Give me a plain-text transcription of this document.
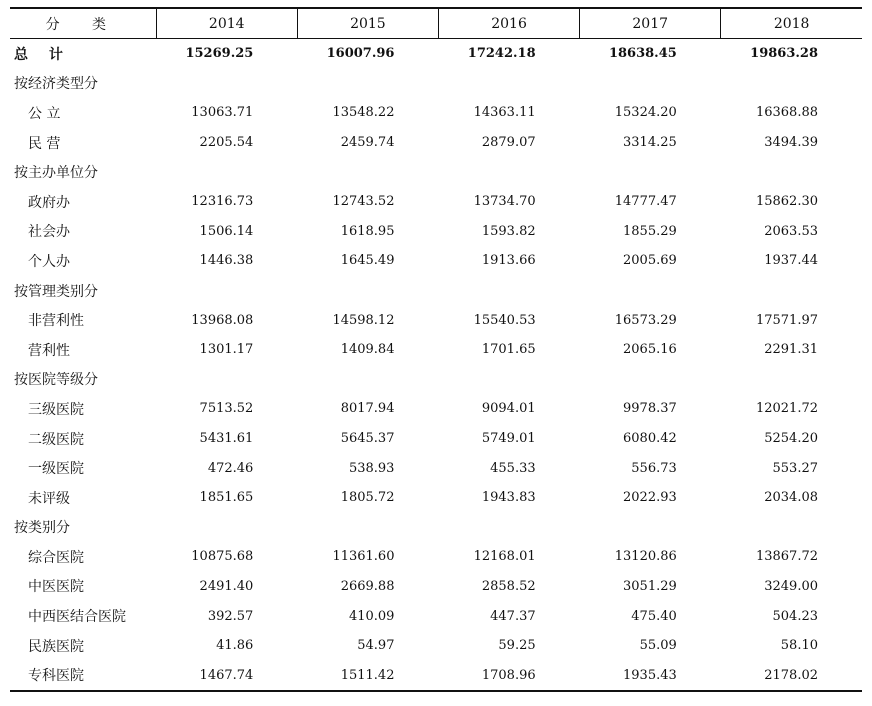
分 类	2014	2015	2016	2017	2018
总 计	15269.25	16007.96	17242.18	18638.45	19863.28
按经济类型分					
公 立	13063.71	13548.22	14363.11	15324.20	16368.88
民 营	2205.54	2459.74	2879.07	3314.25	3494.39
按主办单位分					
政府办	12316.73	12743.52	13734.70	14777.47	15862.30
社会办	1506.14	1618.95	1593.82	1855.29	2063.53
个人办	1446.38	1645.49	1913.66	2005.69	1937.44
按管理类别分					
非营利性	13968.08	14598.12	15540.53	16573.29	17571.97
营利性	1301.17	1409.84	1701.65	2065.16	2291.31
按医院等级分					
三级医院	7513.52	8017.94	9094.01	9978.37	12021.72
二级医院	5431.61	5645.37	5749.01	6080.42	5254.20
一级医院	472.46	538.93	455.33	556.73	553.27
未评级	1851.65	1805.72	1943.83	2022.93	2034.08
按类别分					
综合医院	10875.68	11361.60	12168.01	13120.86	13867.72
中医医院	2491.40	2669.88	2858.52	3051.29	3249.00
中西医结合医院	392.57	410.09	447.37	475.40	504.23
民族医院	41.86	54.97	59.25	55.09	58.10
专科医院	1467.74	1511.42	1708.96	1935.43	2178.02
